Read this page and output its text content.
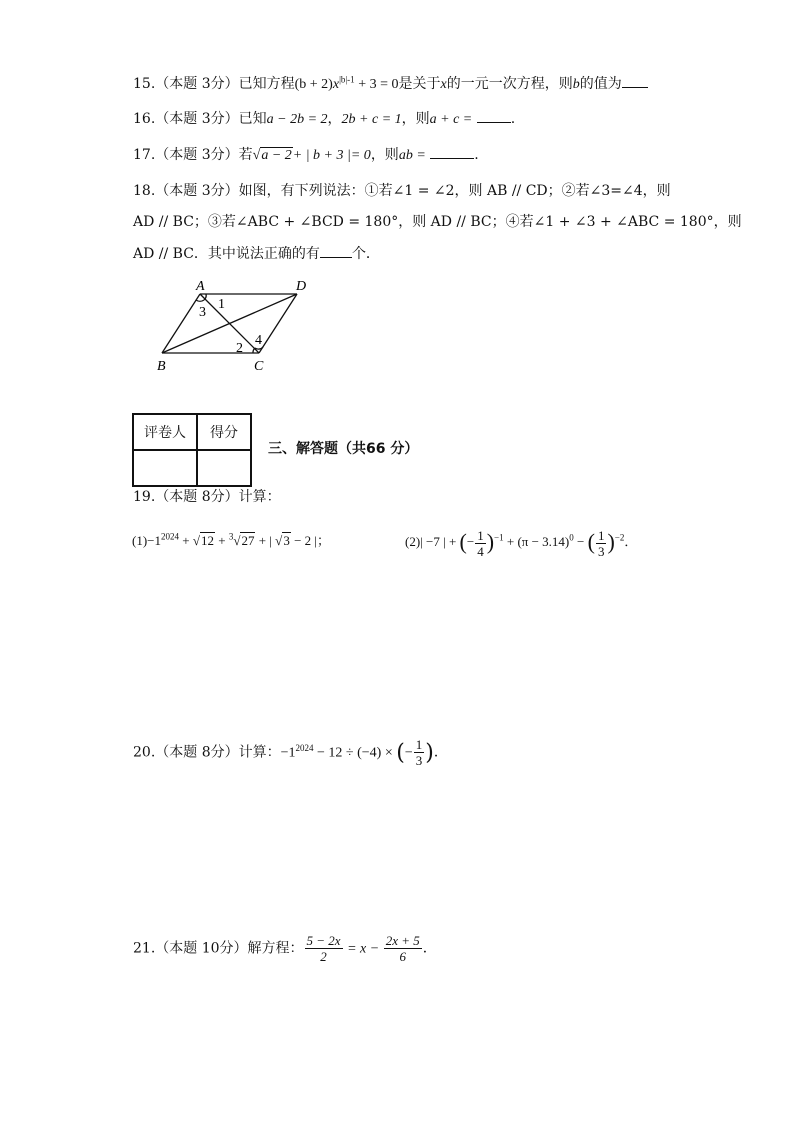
15.（本题 3分）已知方程$(b + 2)x^{|b|-1} + 3 = 0$是关于x的一元一次方程，则b的值为
16.（本题 3分）已知a − 2b = 2，2b + c = 1，则a + c =	.
17.（本题 3分）若√a − 2+ | b + 3 |= 0，则ab =	.
18.（本题 3分）如图，有下列说法：①若∠1 = ∠2，则 AB // CD；②若∠3=∠4，则
AD // BC；③若∠ABC + ∠BCD = 180°，则 AD // BC；④若∠1 + ∠3 + ∠ABC = 180°，则
AD // BC．其中说法正确的有 个．
A	D
B	C
1
3
2
4
评卷人	得分

三、解答题（共66 分）
19.（本题 8分）计算：
$(1)-1^{2024} + √12 + ^3√27$ + | √3 − 2 |；	(2)| −7 | + (− $\frac{1}{4} )^{-1} + (\pi - 3.14)^0$ − ( $\frac{1}{3} )^{-2}$．
20.（本题 8分）计算：$-1^{2024} - 12 \div (-4)$ × (− $\frac{1}{3}$ )．
21.（本题 10分）解方程： $\frac{5 - 2x}{2} = x - \frac{2x + 5}{6}$ ．
